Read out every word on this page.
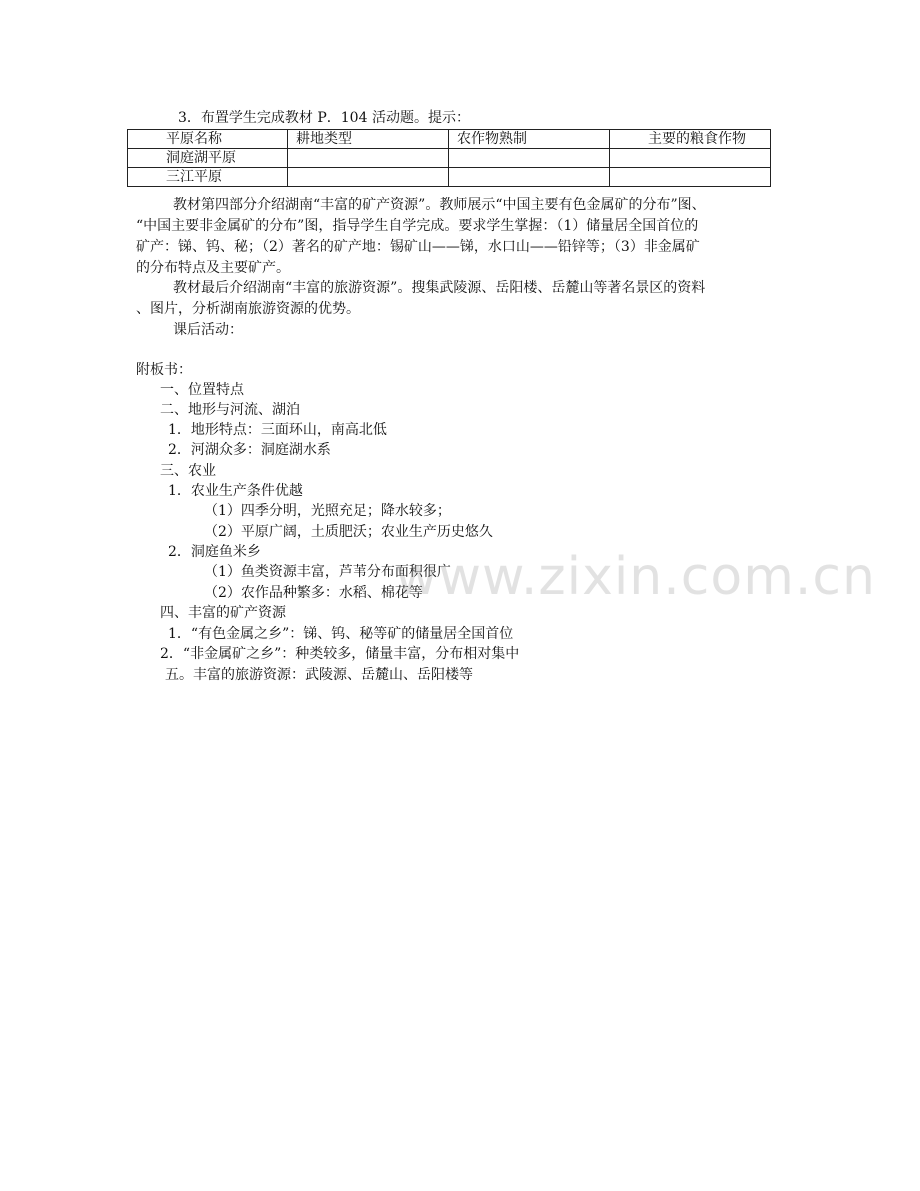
3．布置学生完成教材 P．104 活动题。提示：
平原名称	耕地类型	农作物熟制	主要的粮食作物
洞庭湖平原			
三江平原			
教材第四部分介绍湖南“丰富的矿产资源”。教师展示“中国主要有色金属矿的分布”图、
“中国主要非金属矿的分布”图，指导学生自学完成。要求学生掌握：（1）储量居全国首位的
矿产：锑、钨、秘；（2）著名的矿产地：锡矿山——锑，水口山——铅锌等；（3）非金属矿
的分布特点及主要矿产。
教材最后介绍湖南“丰富的旅游资源”。搜集武陵源、岳阳楼、岳麓山等著名景区的资料
、图片，分析湖南旅游资源的优势。
课后活动：
附板书：
一、位置特点
二、地形与河流、湖泊
1．地形特点：三面环山，南高北低
2．河湖众多：洞庭湖水系
三、农业
1．农业生产条件优越
（1）四季分明，光照充足；降水较多；
（2）平原广阔，土质肥沃；农业生产历史悠久
2．洞庭鱼米乡
（1）鱼类资源丰富，芦苇分布面积很广
（2）农作品种繁多：水稻、棉花等
四、丰富的矿产资源
1．“有色金属之乡”：锑、钨、秘等矿的储量居全国首位
2．“非金属矿之乡”：种类较多，储量丰富，分布相对集中
五。丰富的旅游资源：武陵源、岳麓山、岳阳楼等
www.zixin.com.cn
